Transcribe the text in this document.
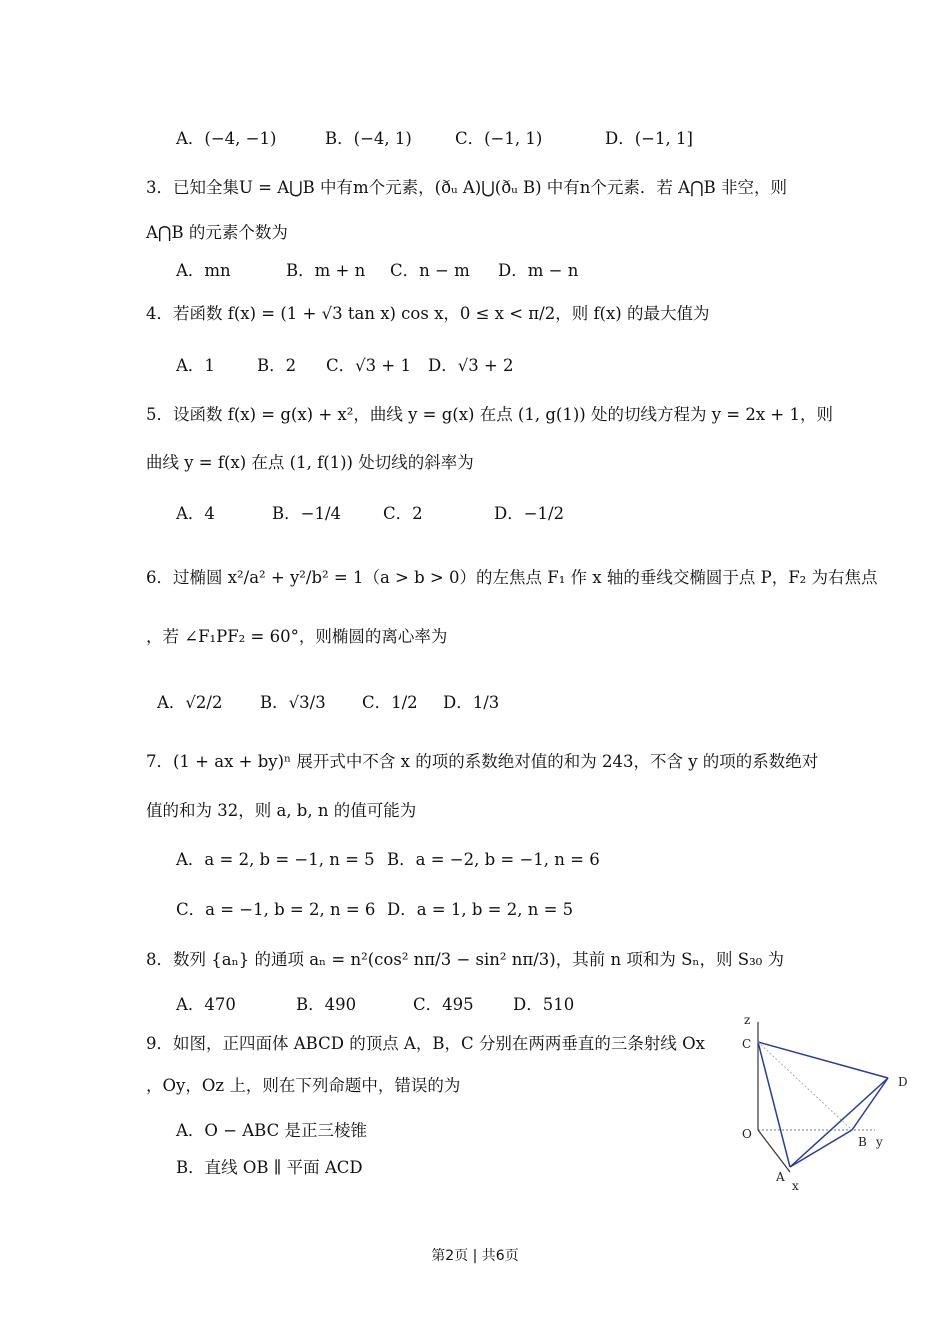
A．(−4, −1)	B．(−4, 1)	C．(−1, 1)	D．(−1, 1]
3．已知全集U = A⋃B 中有m个元素，(ðᵤ A)⋃(ðᵤ B) 中有n个元素．若 A⋂B 非空，则
A⋂B 的元素个数为
A．mn	B．m + n C．n − m D．m − n
4．若函数 f(x) = (1 + √3 tan x) cos x，0 ≤ x < π/2，则 f(x) 的最大值为
A．1	B．2 C．√3 + 1 D．√3 + 2
5．设函数 f(x) = g(x) + x²，曲线 y = g(x) 在点 (1, g(1)) 处的切线方程为 y = 2x + 1，则
曲线 y = f(x) 在点 (1, f(1)) 处切线的斜率为
A．4	B．−1/4	C．2	D．−1/2
6．过椭圆 x²/a² + y²/b² = 1（a > b > 0）的左焦点 F₁ 作 x 轴的垂线交椭圆于点 P，F₂ 为右焦点
，若 ∠F₁PF₂ = 60°，则椭圆的离心率为
A．√2/2 B．√3/3 C．1/2 D．1/3
7．(1 + ax + by)ⁿ 展开式中不含 x 的项的系数绝对值的和为 243，不含 y 的项的系数绝对
值的和为 32，则 a, b, n 的值可能为
A．a = 2, b = −1, n = 5 B．a = −2, b = −1, n = 6
C．a = −1, b = 2, n = 6 D．a = 1, b = 2, n = 5
8．数列 {aₙ} 的通项 aₙ = n²(cos² nπ/3 − sin² nπ/3)，其前 n 项和为 Sₙ，则 S₃₀ 为
A．470	B．490	C．495 D．510
9．如图，正四面体 ABCD 的顶点 A，B，C 分别在两两垂直的三条射线 Ox
，Oy，Oz 上，则在下列命题中，错误的为
A．O − ABC 是正三棱锥
B．直线 OB ∥ 平面 ACD
z
C
D
O
B y
A
x
第2页 | 共6页
